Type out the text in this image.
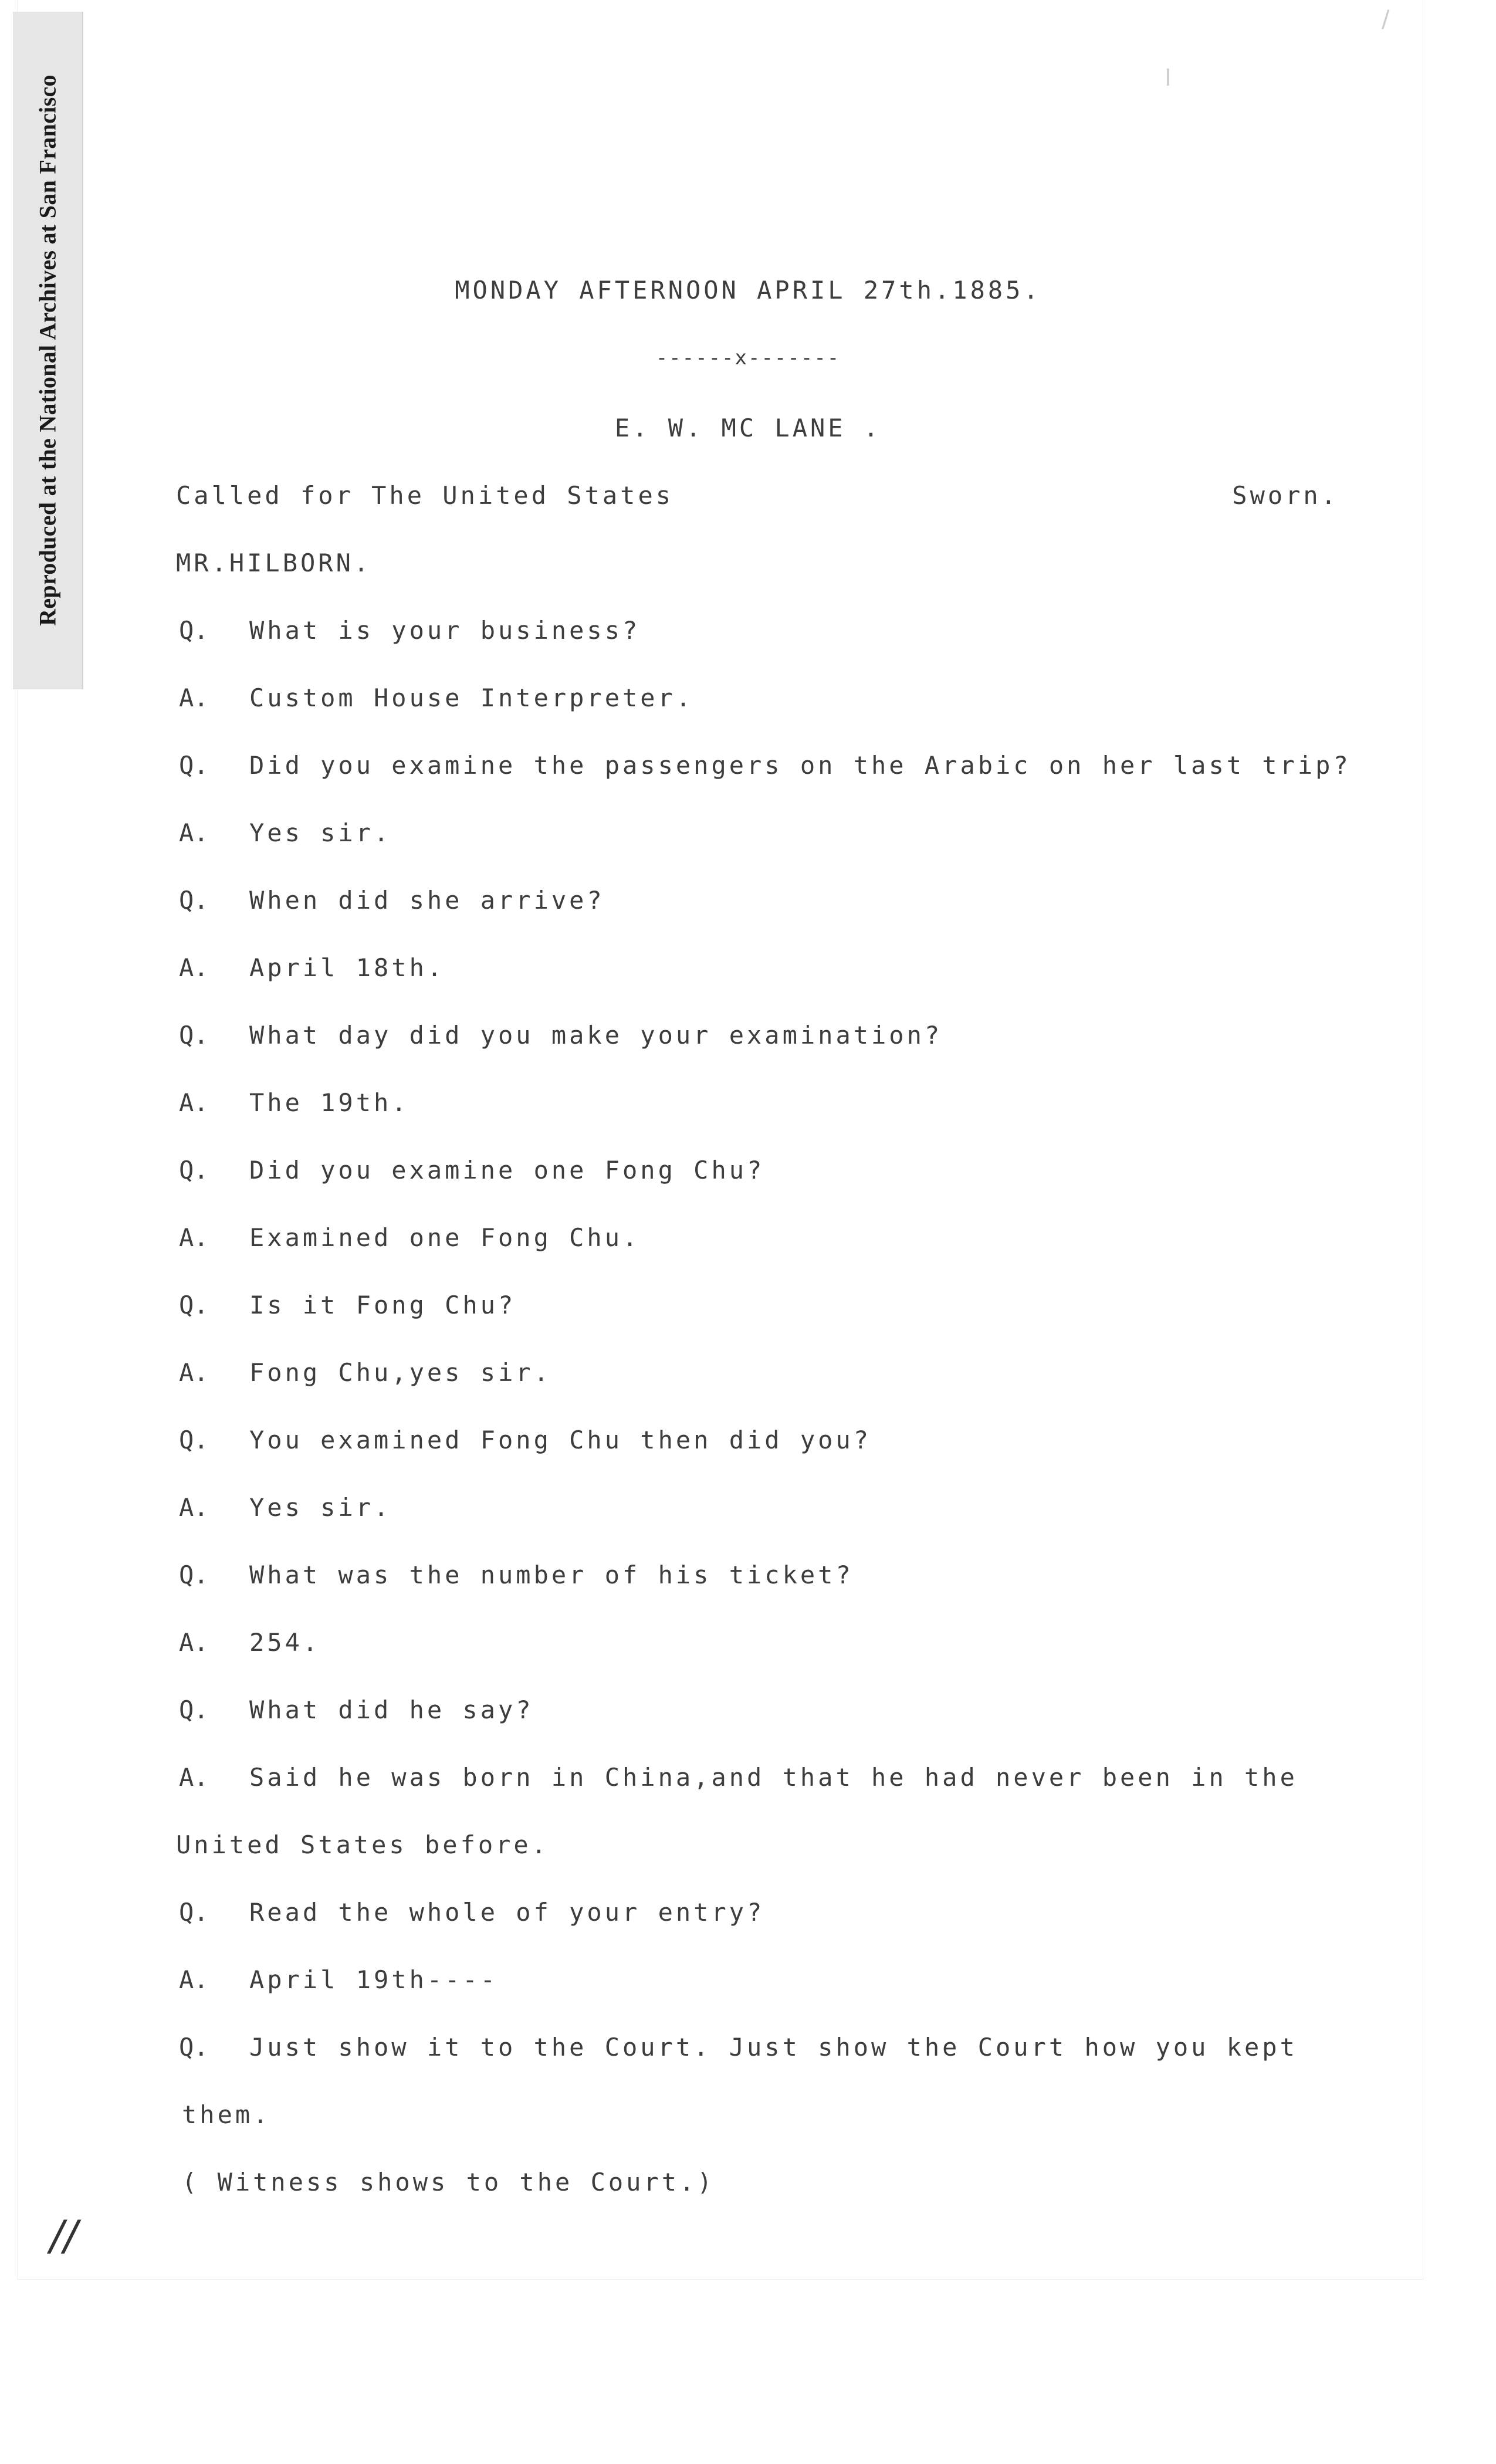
Reproduced at the National Archives at San Francisco	MONDAY AFTERNOON APRIL 27th.1885.
------x-------
E. W. MC LANE .
Called for The United States	Sworn.
MR.HILBORN.
Q. What is your business?
A. Custom House Interpreter.
Q. Did you examine the passengers on the Arabic on her last trip?
A. Yes sir.
Q. When did she arrive?
A. April 18th.
Q. What day did you make your examination?
A. The 19th.
Q. Did you examine one Fong Chu?
A. Examined one Fong Chu.
Q. Is it Fong Chu?
A. Fong Chu,yes sir.
Q. You examined Fong Chu then did you?
A. Yes sir.
Q. What was the number of his ticket?
A. 254.
Q. What did he say?
A. Said he was born in China,and that he had never been in the
United States before.
Q. Read the whole of your entry?
A. April 19th----
Q. Just show it to the Court. Just show the Court how you kept
them.
( Witness shows to the Court.)
//
I
/
